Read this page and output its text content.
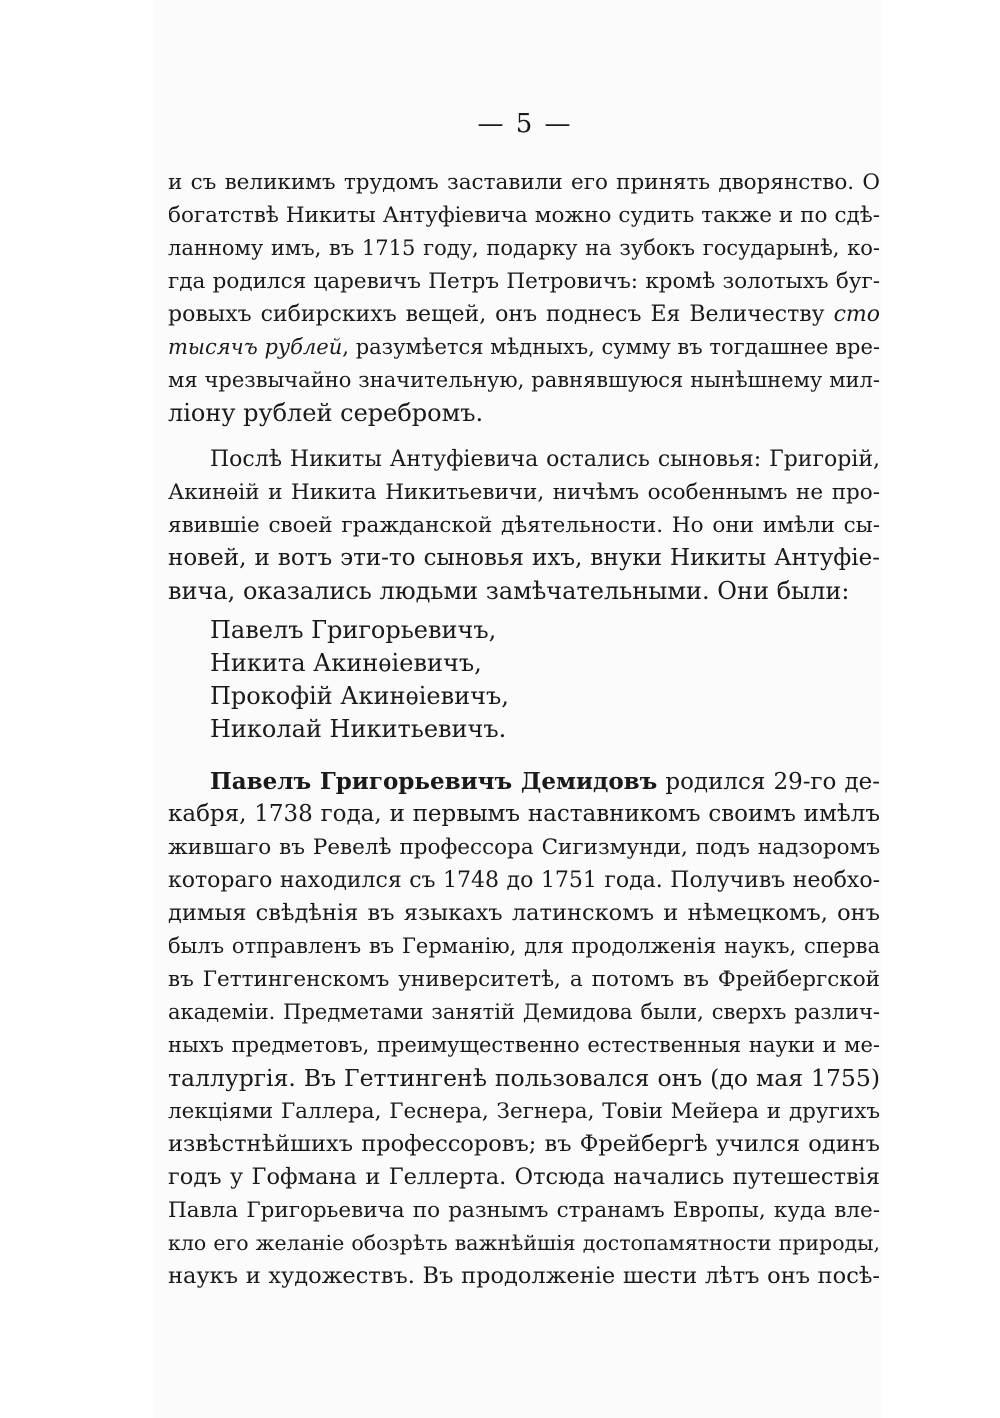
— 5 —
и съ великимъ трудомъ заставили его принять дворянство. О
богатствѣ Никиты Антуфіевича можно судить также и по сдѣ-
ланному имъ, въ 1715 году, подарку на зубокъ государынѣ, ко-
гда родился царевичъ Петръ Петровичъ: кромѣ золотыхъ буг-
ровыхъ сибирскихъ вещей, онъ поднесъ Ея Величеству сто
тысячъ рублей, разумѣется мѣдныхъ, сумму въ тогдашнее вре-
мя чрезвычайно значительную, равнявшуюся нынѣшнему мил-
ліону рублей серебромъ.
Послѣ Никиты Антуфіевича остались сыновья: Григорій,
Акинѳій и Никита Никитьевичи, ничѣмъ особеннымъ не про-
явившіе своей гражданской дѣятельности. Но они имѣли сы-
новей, и вотъ эти-то сыновья ихъ, внуки Никиты Антуфіе-
вича, оказались людьми замѣчательными. Они были:
Павелъ Григорьевичъ,
Никита Акинѳіевичъ,
Прокофій Акинѳіевичъ,
Николай Никитьевичъ.
Павелъ Григорьевичъ Демидовъ родился 29-го де-
кабря, 1738 года, и первымъ наставникомъ своимъ имѣлъ
жившаго въ Ревелѣ профессора Сигизмунди, подъ надзоромъ
котораго находился съ 1748 до 1751 года. Получивъ необхо-
димыя свѣдѣнія въ языкахъ латинскомъ и нѣмецкомъ, онъ
былъ отправленъ въ Германію, для продолженія наукъ, сперва
въ Геттингенскомъ университетѣ, а потомъ въ Фрейбергской
академіи. Предметами занятій Демидова были, сверхъ различ-
ныхъ предметовъ, преимущественно естественныя науки и ме-
таллургія. Въ Геттингенѣ пользовался онъ (до мая 1755)
лекціями Галлера, Геснера, Зегнера, Товіи Мейера и другихъ
извѣстнѣйшихъ профессоровъ; въ Фрейбергѣ учился одинъ
годъ у Гофмана и Геллерта. Отсюда начались путешествія
Павла Григорьевича по разнымъ странамъ Европы, куда вле-
кло его желаніе обозрѣть важнѣйшія достопамятности природы,
наукъ и художествъ. Въ продолженіе шести лѣтъ онъ посѣ-
